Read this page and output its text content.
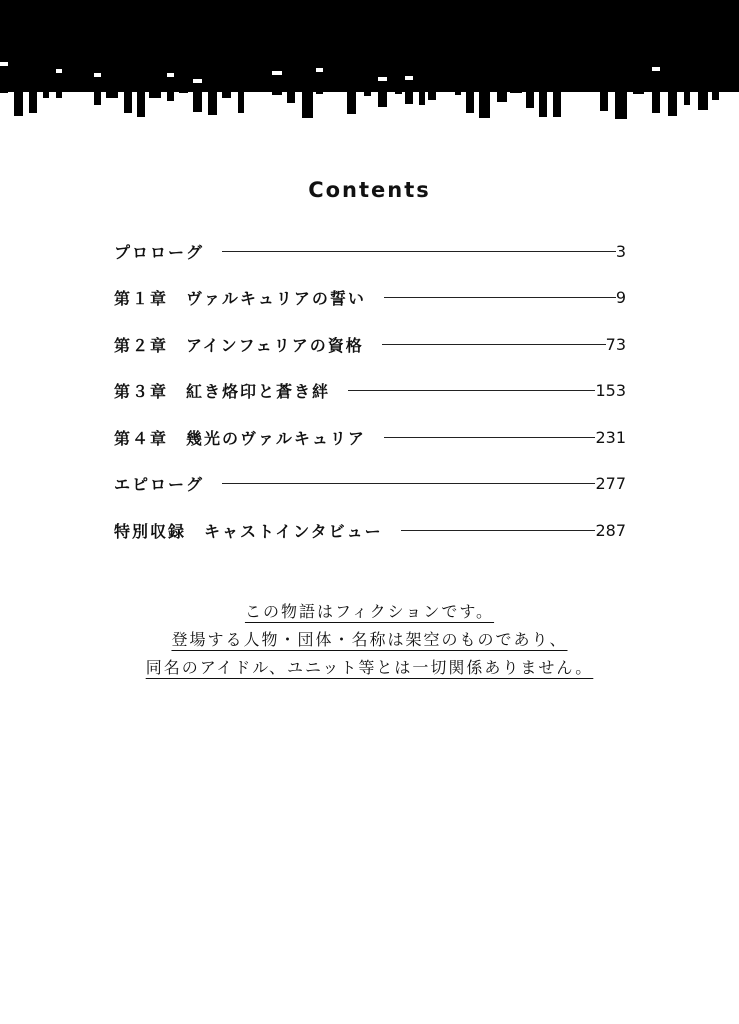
Contents
プロローグ	3
第１章 ヴァルキュリアの誓い	9
第２章 アインフェリアの資格	73
第３章 紅き烙印と蒼き絆	153
第４章 幾光のヴァルキュリア	231
エピローグ	277
特別収録 キャストインタビュー	287
この物語はフィクションです。
登場する人物・団体・名称は架空のものであり、
同名のアイドル、ユニット等とは一切関係ありません。
